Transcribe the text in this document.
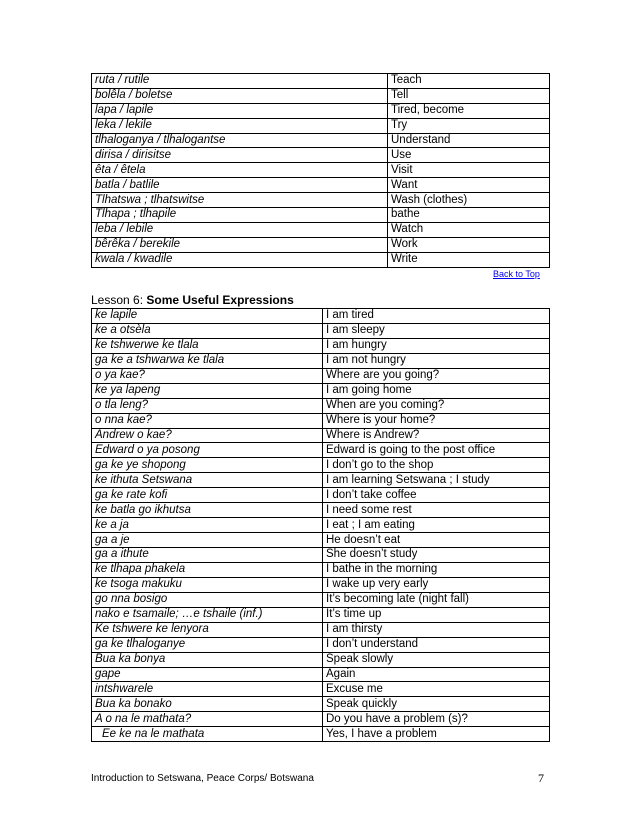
ruta / rutile	Teach
bolêla / boletse	Tell
lapa / lapile	Tired, become
leka / lekile	Try
tlhaloganya / tlhalogantse	Understand
dirisa / dirisitse	Use
êta / êtela	Visit
batla / batlile	Want
Tlhatswa ; tlhatswitse	Wash (clothes)
Tlhapa ; tlhapile	bathe
leba / lebile	Watch
bêrêka / berekile	Work
kwala / kwadile	Write
Back to Top
Lesson 6: Some Useful Expressions
ke lapile	I am tired
ke a otsèla	I am sleepy
ke tshwerwe ke tlala	I am hungry
ga ke a tshwarwa ke tlala	I am not hungry
o ya kae?	Where are you going?
ke ya lapeng	I am going home
o tla leng?	When are you coming?
o nna kae?	Where is your home?
Andrew o kae?	Where is Andrew?
Edward o ya posong	Edward is going to the post office
ga ke ye shopong	I don’t go to the shop
ke ithuta Setswana	I am learning Setswana ; I study
ga ke rate kofi	I don’t take coffee
ke batla go ikhutsa	I need some rest
ke a ja	I eat ; I am eating
ga a je	He doesn’t eat
ga a ithute	She doesn’t study
ke tlhapa phakela	I bathe in the morning
ke tsoga makuku	I wake up very early
go nna bosigo	It’s becoming late (night fall)
nako e tsamaile; …e tshaile (inf.)	It’s time up
Ke tshwere ke lenyora	I am thirsty
ga ke tlhaloganye	I don’t understand
Bua ka bonya	Speak slowly
gape	Again
intshwarele	Excuse me
Bua ka bonako	Speak quickly
A o na le mathata?	Do you have a problem (s)?
Ee ke na le mathata	Yes, I have a problem
Introduction to Setswana, Peace Corps/ Botswana	7
